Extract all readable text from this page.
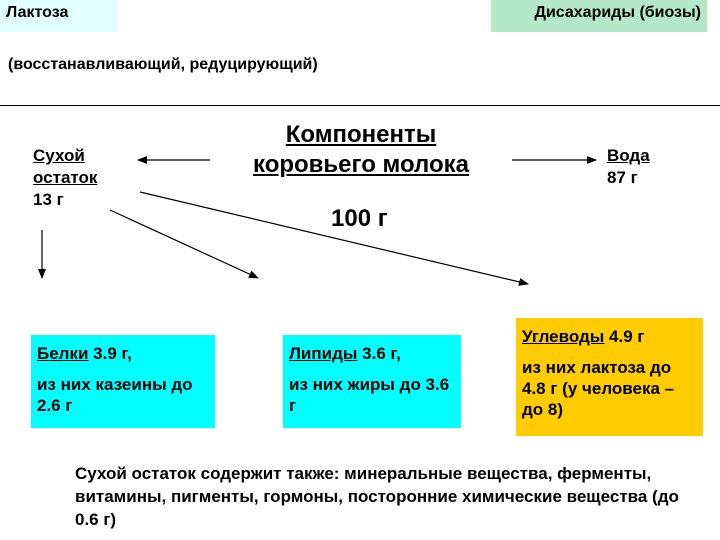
Лактоза	Дисахариды (биозы)
(восстанавливающий, редуцирующий)
Компоненты коровьего молока
100 г
Сухой остаток
13 г
Вода
87 г

Белки 3.9 г,

из них казеины до 2.6 г

Липиды 3.6 г,

из них жиры до 3.6 г

Углеводы 4.9 г

из них лактоза до 4.8 г (у человека – до 8)

Сухой остаток содержит также: минеральные вещества, ферменты, витамины, пигменты, гормоны, посторонние химические вещества (до 0.6 г)
